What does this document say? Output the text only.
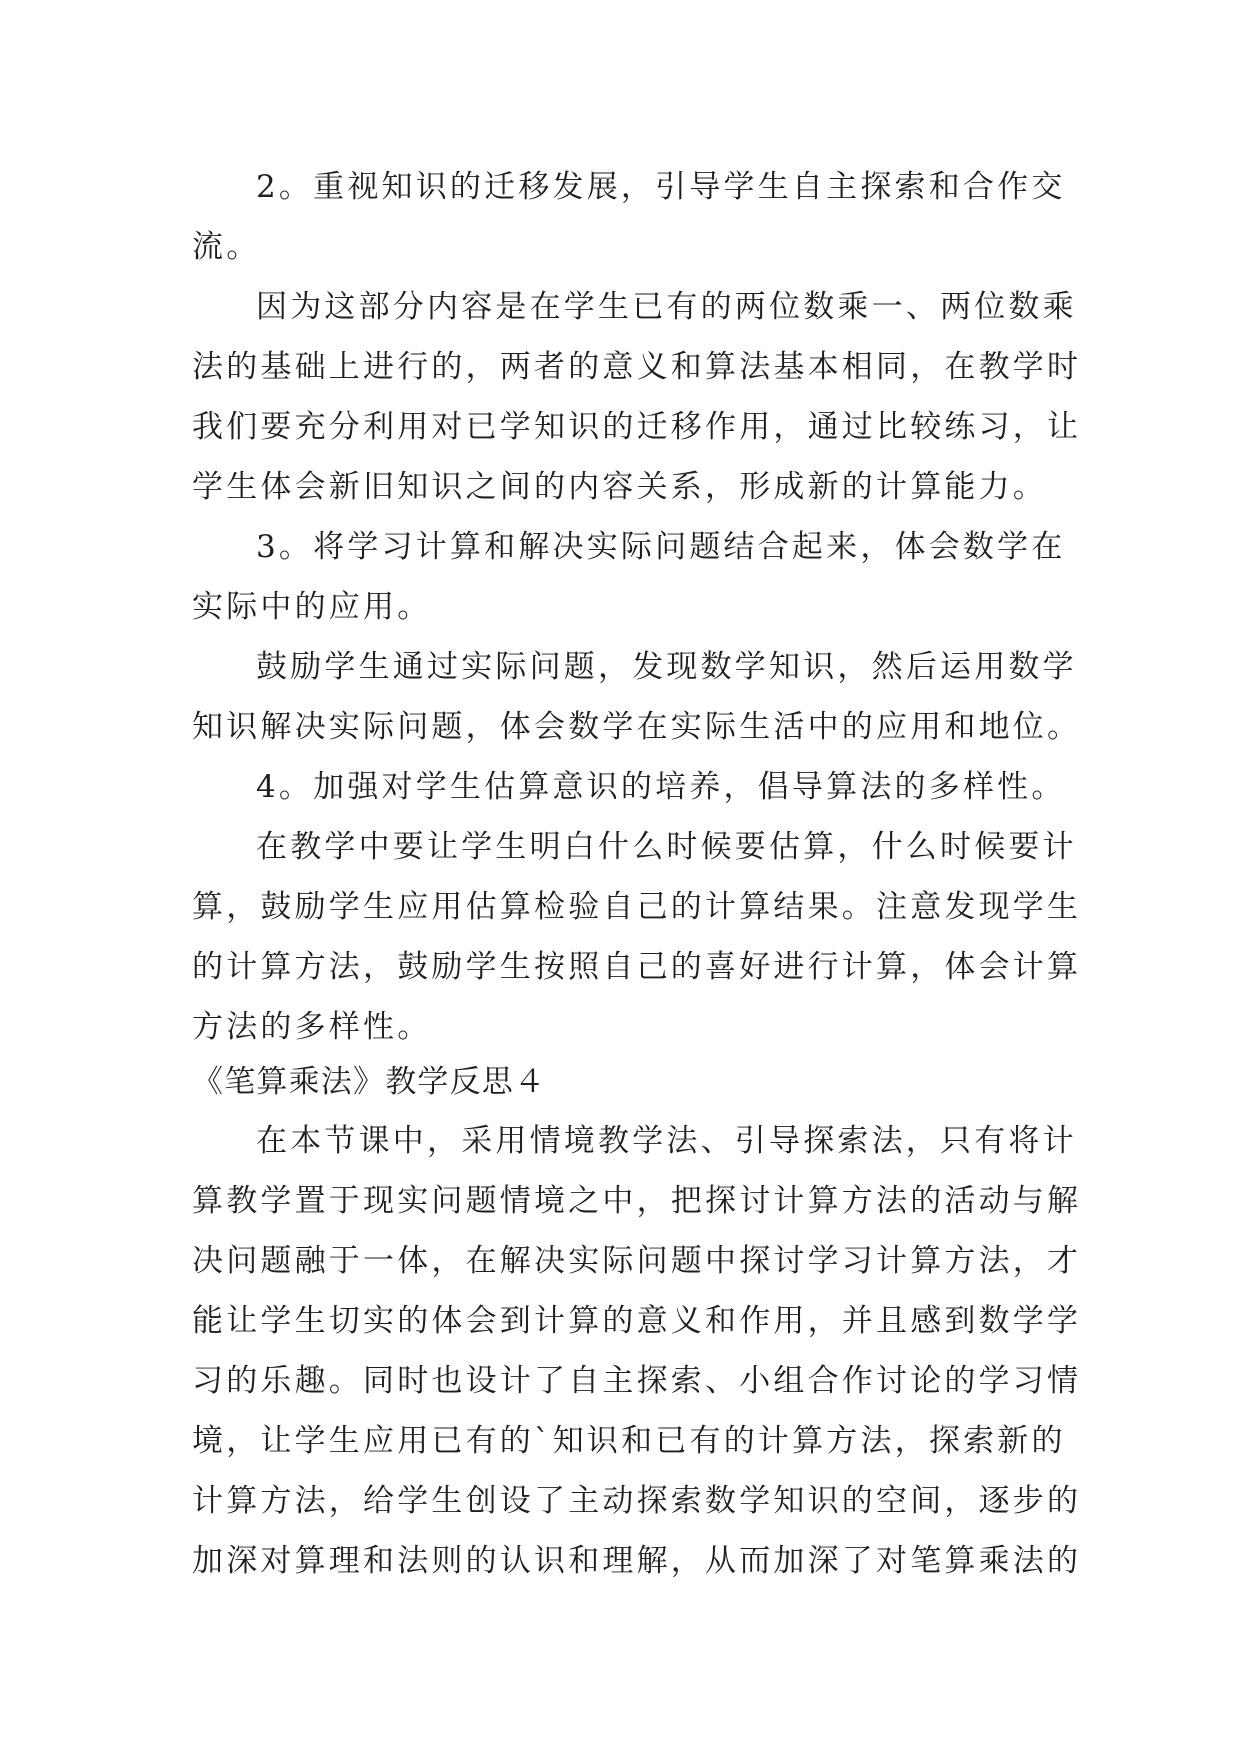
2。重视知识的迁移发展，引导学生自主探索和合作交
流。
因为这部分内容是在学生已有的两位数乘一、两位数乘
法的基础上进行的，两者的意义和算法基本相同，在教学时
我们要充分利用对已学知识的迁移作用，通过比较练习，让
学生体会新旧知识之间的内容关系，形成新的计算能力。
3。将学习计算和解决实际问题结合起来，体会数学在
实际中的应用。
鼓励学生通过实际问题，发现数学知识，然后运用数学
知识解决实际问题，体会数学在实际生活中的应用和地位。
4。加强对学生估算意识的培养，倡导算法的多样性。
在教学中要让学生明白什么时候要估算，什么时候要计
算，鼓励学生应用估算检验自己的计算结果。注意发现学生
的计算方法，鼓励学生按照自己的喜好进行计算，体会计算
方法的多样性。
《笔算乘法》教学反思４
在本节课中，采用情境教学法、引导探索法，只有将计
算教学置于现实问题情境之中，把探讨计算方法的活动与解
决问题融于一体，在解决实际问题中探讨学习计算方法，才
能让学生切实的体会到计算的意义和作用，并且感到数学学
习的乐趣。同时也设计了自主探索、小组合作讨论的学习情
境，让学生应用已有的`知识和已有的计算方法，探索新的
计算方法，给学生创设了主动探索数学知识的空间，逐步的
加深对算理和法则的认识和理解，从而加深了对笔算乘法的
